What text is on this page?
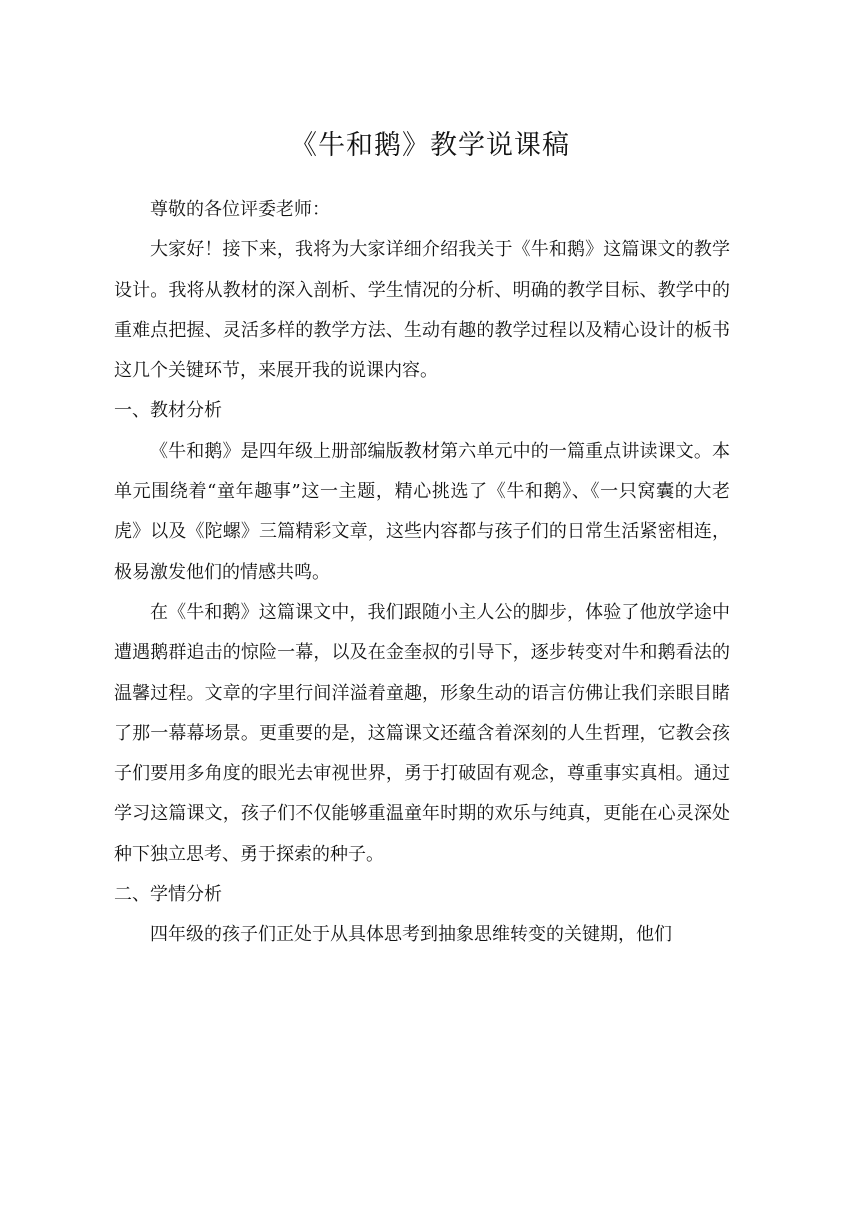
《牛和鹅》教学说课稿

尊敬的各位评委老师：

大家好！接下来，我将为大家详细介绍我关于《牛和鹅》这篇课文的教学设计。我将从教材的深入剖析、学生情况的分析、明确的教学目标、教学中的重难点把握、灵活多样的教学方法、生动有趣的教学过程以及精心设计的板书这几个关键环节，来展开我的说课内容。

一、教材分析

《牛和鹅》是四年级上册部编版教材第六单元中的一篇重点讲读课文。本单元围绕着“童年趣事”这一主题，精心挑选了《牛和鹅》、《一只窝囊的大老虎》以及《陀螺》三篇精彩文章，这些内容都与孩子们的日常生活紧密相连，极易激发他们的情感共鸣。

在《牛和鹅》这篇课文中，我们跟随小主人公的脚步，体验了他放学途中遭遇鹅群追击的惊险一幕，以及在金奎叔的引导下，逐步转变对牛和鹅看法的温馨过程。文章的字里行间洋溢着童趣，形象生动的语言仿佛让我们亲眼目睹了那一幕幕场景。更重要的是，这篇课文还蕴含着深刻的人生哲理，它教会孩子们要用多角度的眼光去审视世界，勇于打破固有观念，尊重事实真相。通过学习这篇课文，孩子们不仅能够重温童年时期的欢乐与纯真，更能在心灵深处种下独立思考、勇于探索的种子。

二、学情分析

四年级的孩子们正处于从具体思考到抽象思维转变的关键期，他们
